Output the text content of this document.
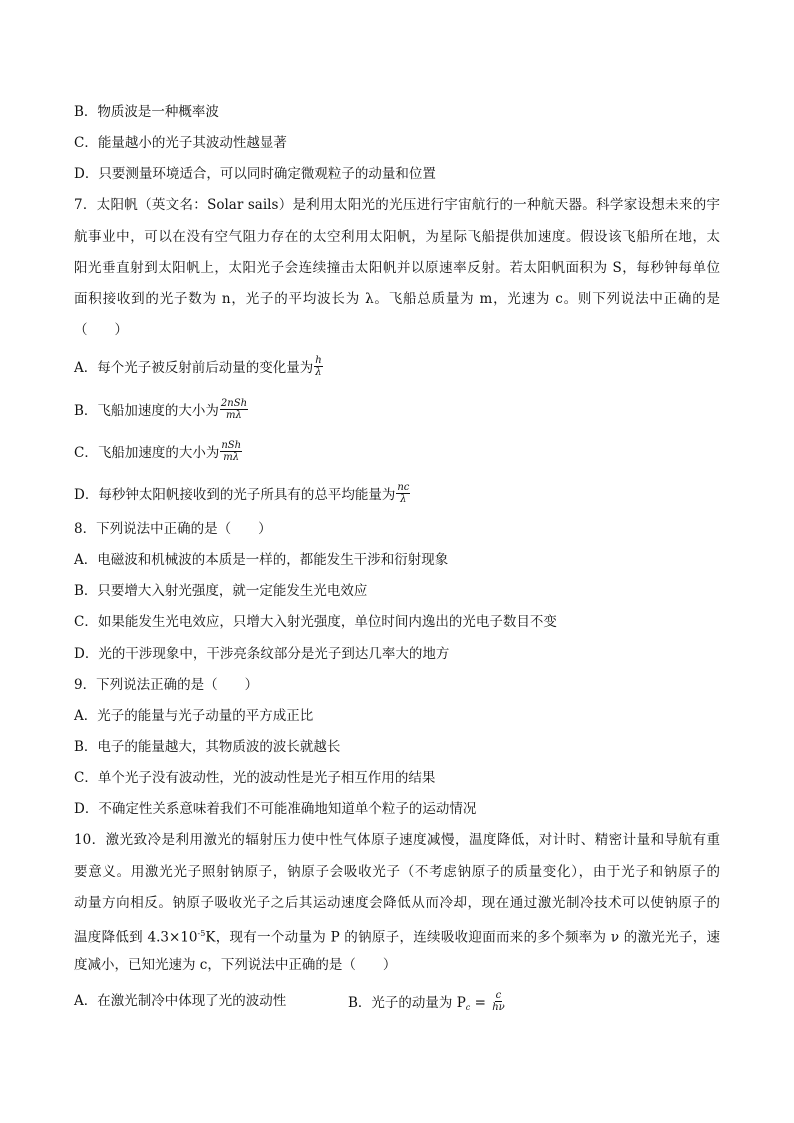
B．物质波是一种概率波
C．能量越小的光子其波动性越显著
D．只要测量环境适合，可以同时确定微观粒子的动量和位置
7．太阳帆（英文名：Solar sails）是利用太阳光的光压进行宇宙航行的一种航天器。科学家设想未来的宇
航事业中，可以在没有空气阻力存在的太空利用太阳帆，为星际飞船提供加速度。假设该飞船所在地，太
阳光垂直射到太阳帆上，太阳光子会连续撞击太阳帆并以原速率反射。若太阳帆面积为 S，每秒钟每单位
面积接收到的光子数为 n，光子的平均波长为 λ。飞船总质量为 m，光速为 c。则下列说法中正确的是
（　　）
A．每个光子被反射前后动量的变化量为 $\frac{h}{\lambda}$
B．飞船加速度的大小为 $\frac{\text{2nSh}}{m\lambda}$
C．飞船加速度的大小为 $\frac{\text{nSh}}{m\lambda}$
D．每秒钟太阳帆接收到的光子所具有的总平均能量为 $\frac{nc}{\lambda}$
8．下列说法中正确的是（　　）
A．电磁波和机械波的本质是一样的，都能发生干涉和衍射现象
B．只要增大入射光强度，就一定能发生光电效应
C．如果能发生光电效应，只增大入射光强度，单位时间内逸出的光电子数目不变
D．光的干涉现象中，干涉亮条纹部分是光子到达几率大的地方
9．下列说法正确的是（　　）
A．光子的能量与光子动量的平方成正比
B．电子的能量越大，其物质波的波长就越长
C．单个光子没有波动性，光的波动性是光子相互作用的结果
D．不确定性关系意味着我们不可能准确地知道单个粒子的运动情况
10．激光致冷是利用激光的辐射压力使中性气体原子速度减慢，温度降低，对计时、精密计量和导航有重
要意义。用激光光子照射钠原子，钠原子会吸收光子（不考虑钠原子的质量变化），由于光子和钠原子的
动量方向相反。钠原子吸收光子之后其运动速度会降低从而冷却，现在通过激光制冷技术可以使钠原子的
温度降低到 $4.3\times 10^{-5}K$，现有一个动量为 P 的钠原子，连续吸收迎面而来的多个频率为 ν 的激光光子，速
度减小，已知光速为 c，下列说法中正确的是（　　）
A．在激光制冷中体现了光的波动性	B．光子的动量为 $P_c = \frac{c}{h\nu}$
